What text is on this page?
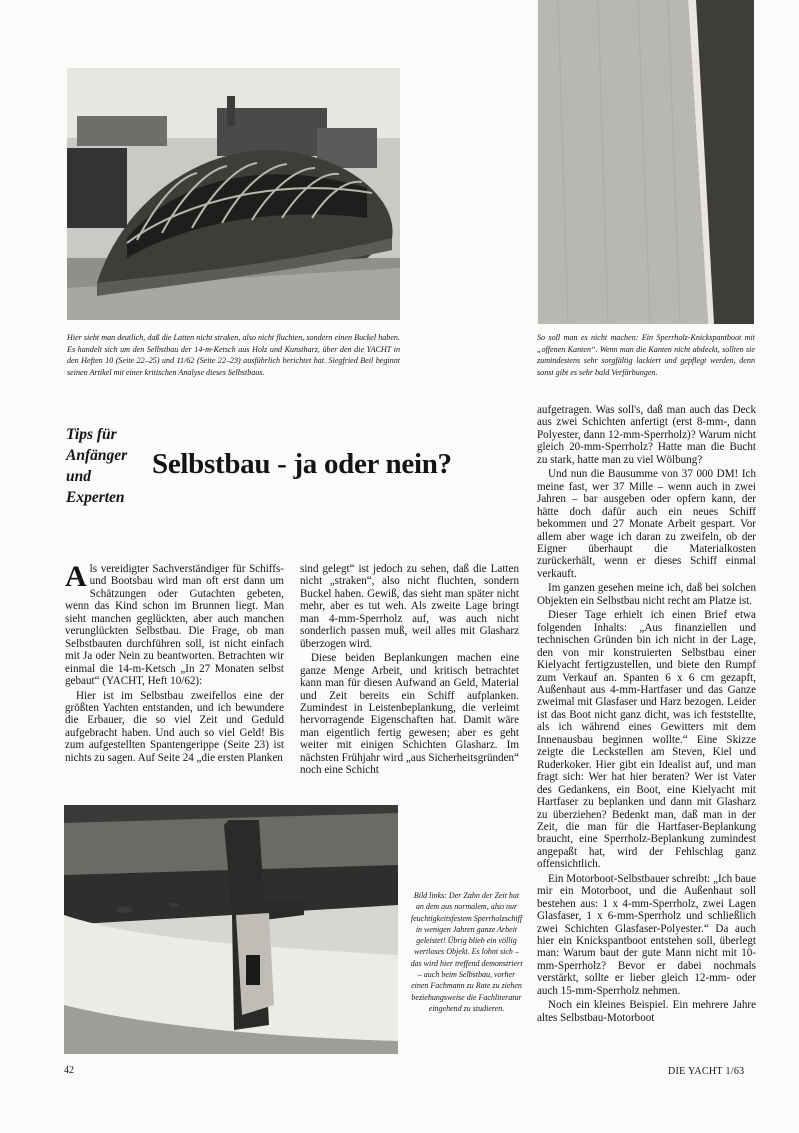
Hier sieht man deutlich, daß die Latten nicht straken, also nicht fluchten, sondern einen Buckel haben. Es handelt sich um den Selbstbau der 14-m-Ketsch aus Holz und Kunstharz, über den die YACHT in den Heften 10 (Seite 22–25) und 11/62 (Seite 22–23) ausführlich berichtet hat. Siegfried Beil beginnt seinen Artikel mit einer kritischen Analyse dieses Selbstbaus.
So soll man es nicht machen: Ein Sperrholz-Knickspantboot mit „offenen Kanten“. Wenn man die Kanten nicht abdeckt, sollten sie zumindestens sehr sorgfältig lackiert und gepflegt werden, denn sonst gibt es sehr bald Verfärbungen.
Tips für
Anfänger
und
Experten
Selbstbau - ja oder nein?

Als vereidigter Sachverständiger für Schiffs- und Bootsbau wird man oft erst dann um Schätzungen oder Gutachten gebeten, wenn das Kind schon im Brunnen liegt. Man sieht manchen geglückten, aber auch manchen verunglückten Selbstbau. Die Frage, ob man Selbstbauten durchführen soll, ist nicht einfach mit Ja oder Nein zu beantworten. Betrachten wir einmal die 14-m-Ketsch „In 27 Monaten selbst gebaut“ (YACHT, Heft 10/62):

Hier ist im Selbstbau zweifellos eine der größten Yachten entstanden, und ich bewundere die Erbauer, die so viel Zeit und Geduld aufgebracht haben. Und auch so viel Geld! Bis zum aufgestellten Spantengerippe (Seite 23) ist nichts zu sagen. Auf Seite 24 „die ersten Planken

sind gelegt“ ist jedoch zu sehen, daß die Latten nicht „straken“, also nicht fluchten, sondern Buckel haben. Gewiß, das sieht man später nicht mehr, aber es tut weh. Als zweite Lage bringt man 4-mm-Sperrholz auf, was auch nicht sonderlich passen muß, weil alles mit Glasharz überzogen wird.

Diese beiden Beplankungen machen eine ganze Menge Arbeit, und kritisch betrachtet kann man für diesen Aufwand an Geld, Material und Zeit bereits ein Schiff aufplanken. Zumindest in Leistenbeplankung, die verleimt hervorragende Eigenschaften hat. Damit wäre man eigentlich fertig gewesen; aber es geht weiter mit einigen Schichten Glasharz. Im nächsten Frühjahr wird „aus Sicherheitsgründen“ noch eine Schicht

aufgetragen. Was soll's, daß man auch das Deck aus zwei Schichten anfertigt (erst 8-mm-, dann Polyester, dann 12-mm-Sperrholz)? Warum nicht gleich 20-mm-Sperrholz? Hatte man die Bucht zu stark, hatte man zu viel Wölbung?

Und nun die Bausumme von 37 000 DM! Ich meine fast, wer 37 Mille – wenn auch in zwei Jahren – bar ausgeben oder opfern kann, der hätte doch dafür auch ein neues Schiff bekommen und 27 Monate Arbeit gespart. Vor allem aber wage ich daran zu zweifeln, ob der Eigner überhaupt die Materialkosten zurückerhält, wenn er dieses Schiff einmal verkauft.

Im ganzen gesehen meine ich, daß bei solchen Objekten ein Selbstbau nicht recht am Platze ist.

Dieser Tage erhielt ich einen Brief etwa folgenden Inhalts: „Aus finanziellen und technischen Gründen bin ich nicht in der Lage, den von mir konstruierten Selbstbau einer Kielyacht fertigzustellen, und biete den Rumpf zum Verkauf an. Spanten 6 x 6 cm gezapft, Außenhaut aus 4-mm-Hartfaser und das Ganze zweimal mit Glasfaser und Harz bezogen. Leider ist das Boot nicht ganz dicht, was ich feststellte, als ich während eines Gewitters mit dem Innenausbau beginnen wollte.“ Eine Skizze zeigte die Leckstellen am Steven, Kiel und Ruderkoker. Hier gibt ein Idealist auf, und man fragt sich: Wer hat hier beraten? Wer ist Vater des Gedankens, ein Boot, eine Kielyacht mit Hartfaser zu beplanken und dann mit Glasharz zu überziehen? Bedenkt man, daß man in der Zeit, die man für die Hartfaser-Beplankung braucht, eine Sperrholz-Beplankung zumindest angepaßt hat, wird der Fehlschlag ganz offensichtlich.

Ein Motorboot-Selbstbauer schreibt: „Ich baue mir ein Motorboot, und die Außenhaut soll bestehen aus: 1 x 4-mm-Sperrholz, zwei Lagen Glasfaser, 1 x 6-mm-Sperrholz und schließlich zwei Schichten Glasfaser-Polyester.“ Da auch hier ein Knickspantboot entstehen soll, überlegt man: Warum baut der gute Mann nicht mit 10-mm-Sperrholz? Bevor er dabei nochmals verstärkt, sollte er lieber gleich 12-mm- oder auch 15-mm-Sperrholz nehmen.

Noch ein kleines Beispiel. Ein mehrere Jahre altes Selbstbau-Motorboot

Bild links: Der Zahn der Zeit hat an dem aus normalem, also nur feuchtigkeitsfestem Sperrholzschiff in wenigen Jahren ganze Arbeit geleistet! Übrig blieb ein völlig wertloses Objekt. Es lohnt sich – das wird hier treffend demonstriert – auch beim Selbstbau, vorher einen Fachmann zu Rate zu ziehen beziehungsweise die Fachliteratur eingehend zu studieren.
42	DIE YACHT 1/63
